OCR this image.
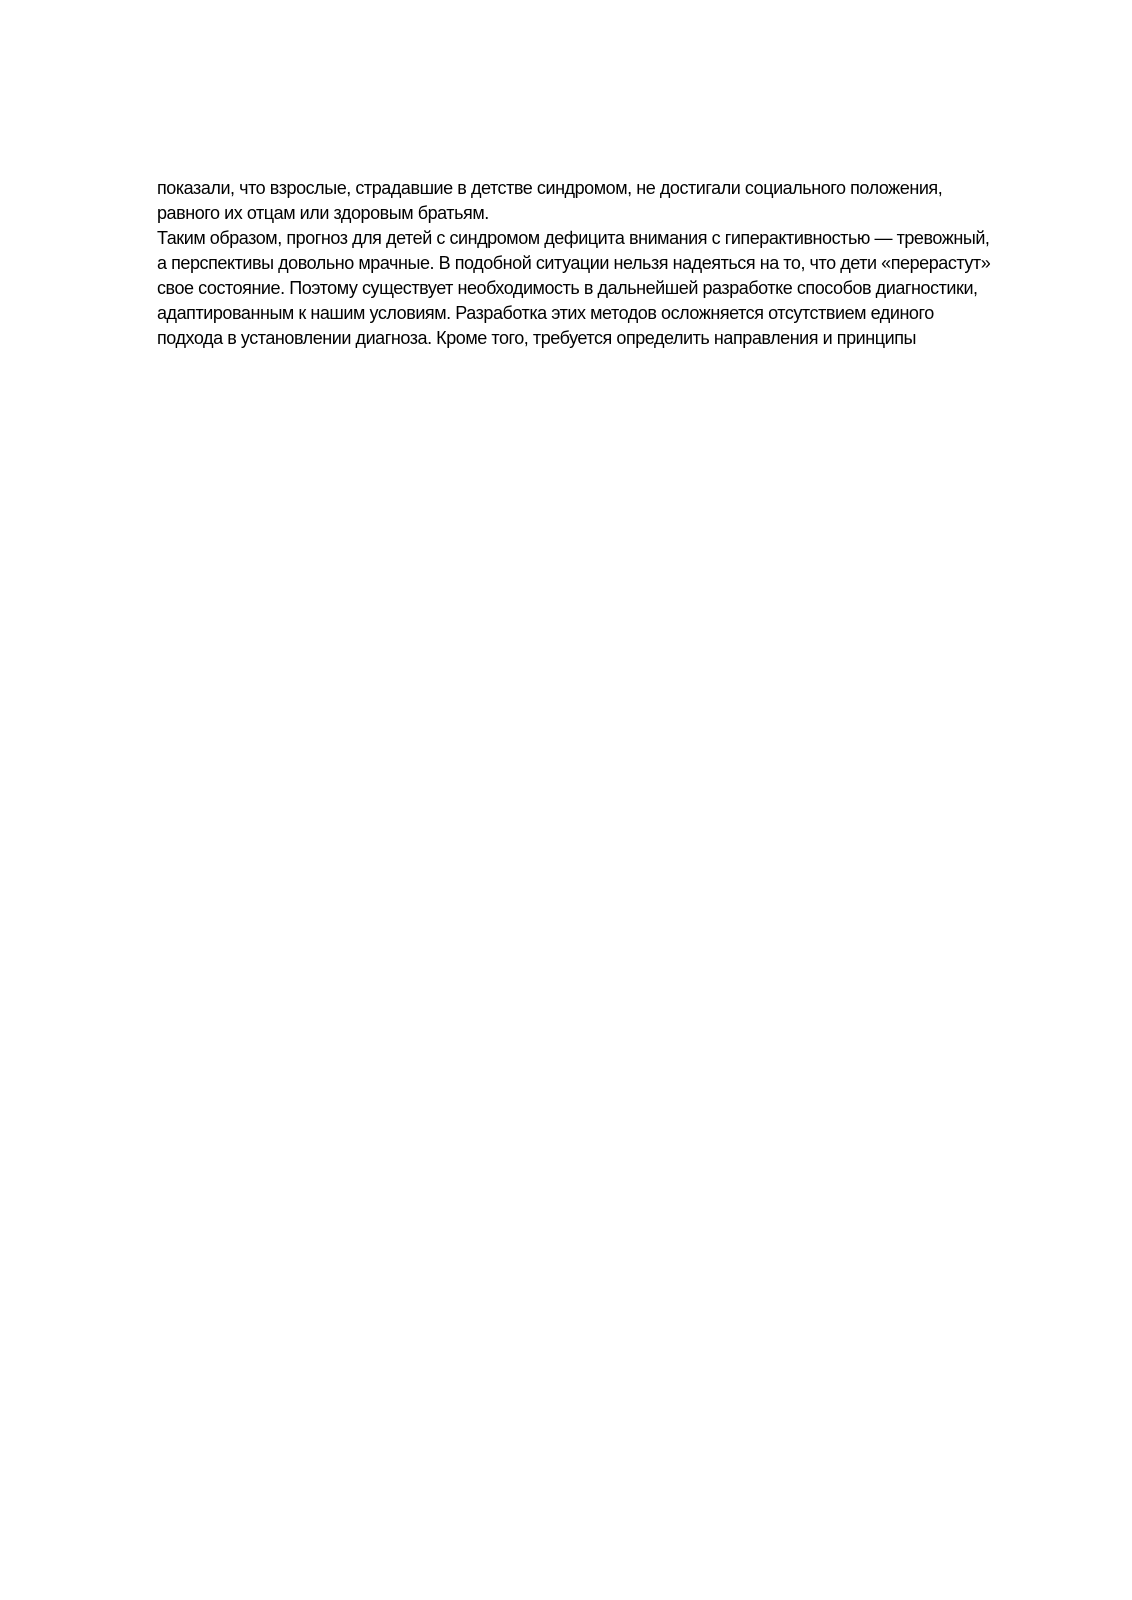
показали, что взрослые, страдавшие в детстве синдромом, не достигали социального положения,
равного их отцам или здоровым братьям.
Таким образом, прогноз для детей с синдромом дефицита внимания с гиперактивностью — тревожный,
а перспективы довольно мрачные. В подобной ситуации нельзя надеяться на то, что дети «перерастут»
свое состояние. Поэтому существует необходимость в дальнейшей разработке способов диагностики,
адаптированным к нашим условиям. Разработка этих методов осложняется отсутствием единого
подхода в установлении диагноза. Кроме того, требуется определить направления и принципы
